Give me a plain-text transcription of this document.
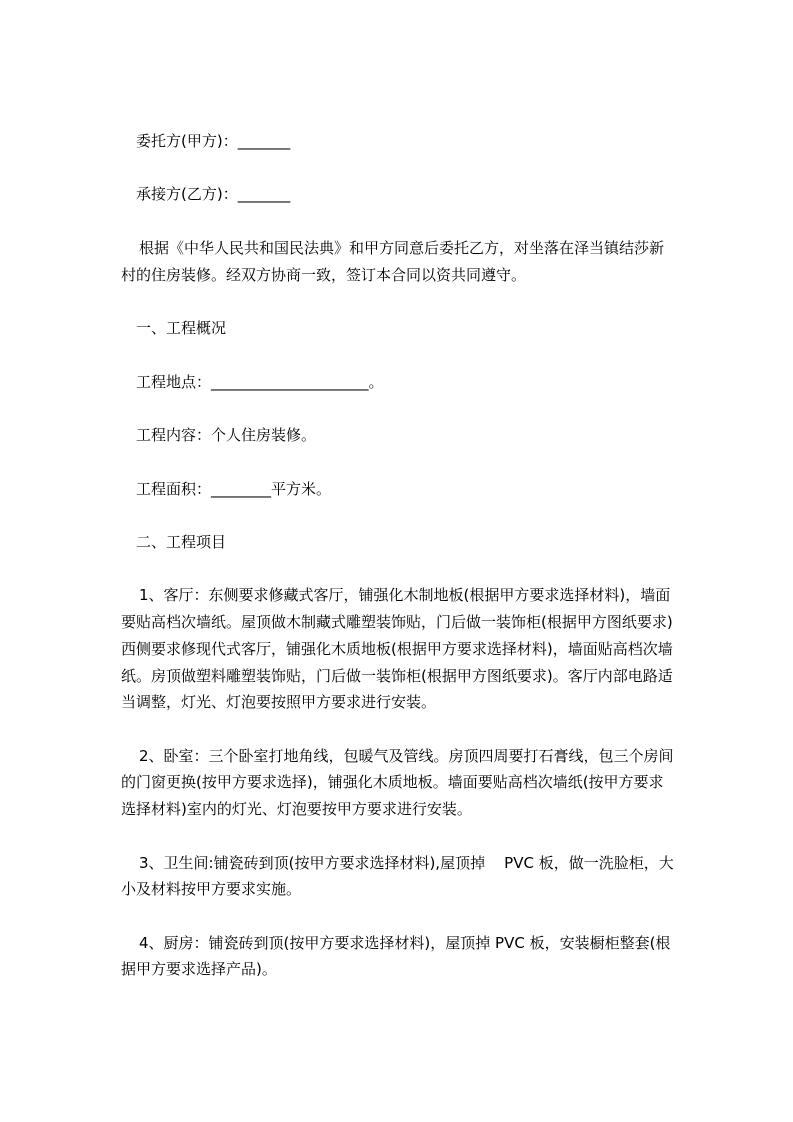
委托方(甲方)：_______

承接方(乙方)：_______

根据《中华人民共和国民法典》和甲方同意后委托乙方，对坐落在泽当镇结莎新

村的住房装修。经双方协商一致，签订本合同以资共同遵守。

一、工程概况

工程地点：_____________________。

工程内容：个人住房装修。

工程面积：________平方米。

二、工程项目

1、客厅：东侧要求修藏式客厅，铺强化木制地板(根据甲方要求选择材料)，墙面

要贴高档次墙纸。屋顶做木制藏式雕塑装饰贴，门后做一装饰柜(根据甲方图纸要求)

西侧要求修现代式客厅，铺强化木质地板(根据甲方要求选择材料)，墙面贴高档次墙

纸。房顶做塑料雕塑装饰贴，门后做一装饰柜(根据甲方图纸要求)。客厅内部电路适

当调整，灯光、灯泡要按照甲方要求进行安装。

2、卧室：三个卧室打地角线，包暖气及管线。房顶四周要打石膏线，包三个房间

的门窗更换(按甲方要求选择)，铺强化木质地板。墙面要贴高档次墙纸(按甲方要求

选择材料)室内的灯光、灯泡要按甲方要求进行安装。

3、卫生间:铺瓷砖到顶(按甲方要求选择材料),屋顶掉    PVC 板，做一洗脸柜，大

小及材料按甲方要求实施。

4、厨房：铺瓷砖到顶(按甲方要求选择材料)，屋顶掉 PVC 板，安装橱柜整套(根

据甲方要求选择产品)。
